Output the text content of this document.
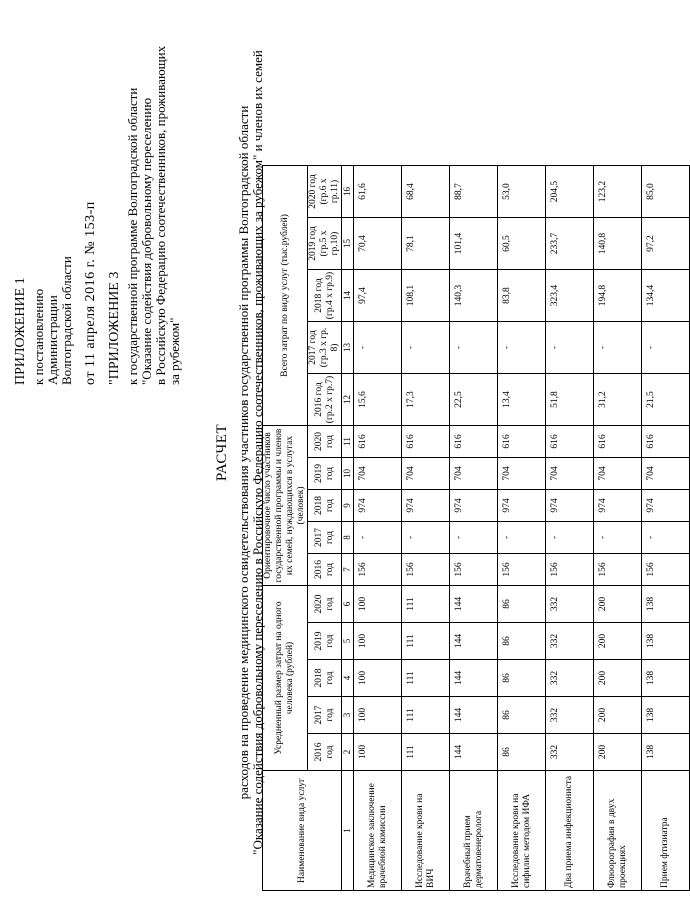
ПРИЛОЖЕНИЕ 1 к постановлению Администрации Волгоградской области от 11 апреля 2016 г. № 153-п "ПРИЛОЖЕНИЕ 3 к государственной программе Волгоградской области "Оказание содействия добровольному переселению в Российскую Федерацию соотечественников, проживающих за рубежом"
РАСЧЕТ расходов на проведение медицинского освидетельствования участников государственной программы Волгоградской области "Оказание содействия добровольному переселению в Российскую Федерацию соотечественников, проживающих за рубежом" и членов их семей	Наименование вида услуг	Усредненный размер затрат на одного человека (рублей)					Ориентировочное число участников государственной программы и членов их семей, нуждающихся в услугах (человек)					Всего затрат по виду услуг (тыс.рублей)				
	2016 год	2017 год	2018 год	2019 год	2020 год	2016 год	2017 год	2018 год	2019 год	2020 год	2016 год (гр.2 х гр.7)	2017 год (гр.3 х гр. 8)	2018 год (гр.4 х гр.9)	2019 год (гр.5 х гр.10)	2020 год (гр.6 х гр.11)
1	2	3	4	5	6	7	8	9	10	11	12	13	14	15	16
Медицинское заключение врачебной комиссии	100	100	100	100	100	156	-	974	704	616	15,6	-	97,4	70,4	61,6
Исследование крови на ВИЧ	111	111	111	111	111	156	-	974	704	616	17,3	-	108,1	78,1	68,4
Врачебный прием дерматовенеролога	144	144	144	144	144	156	-	974	704	616	22,5	-	140,3	101,4	88,7
Исследование крови на сифилис методом ИФА	86	86	86	86	86	156	-	974	704	616	13,4	-	83,8	60,5	53,0
Два приема инфекциониста	332	332	332	332	332	156	-	974	704	616	51,8	-	323,4	233,7	204,5
Флюорография в двух проекциях	200	200	200	200	200	156	-	974	704	616	31,2	-	194,8	140,8	123,2
Прием фтизиатра	138	138	138	138	138	156	-	974	704	616	21,5	-	134,4	97,2	85,0
